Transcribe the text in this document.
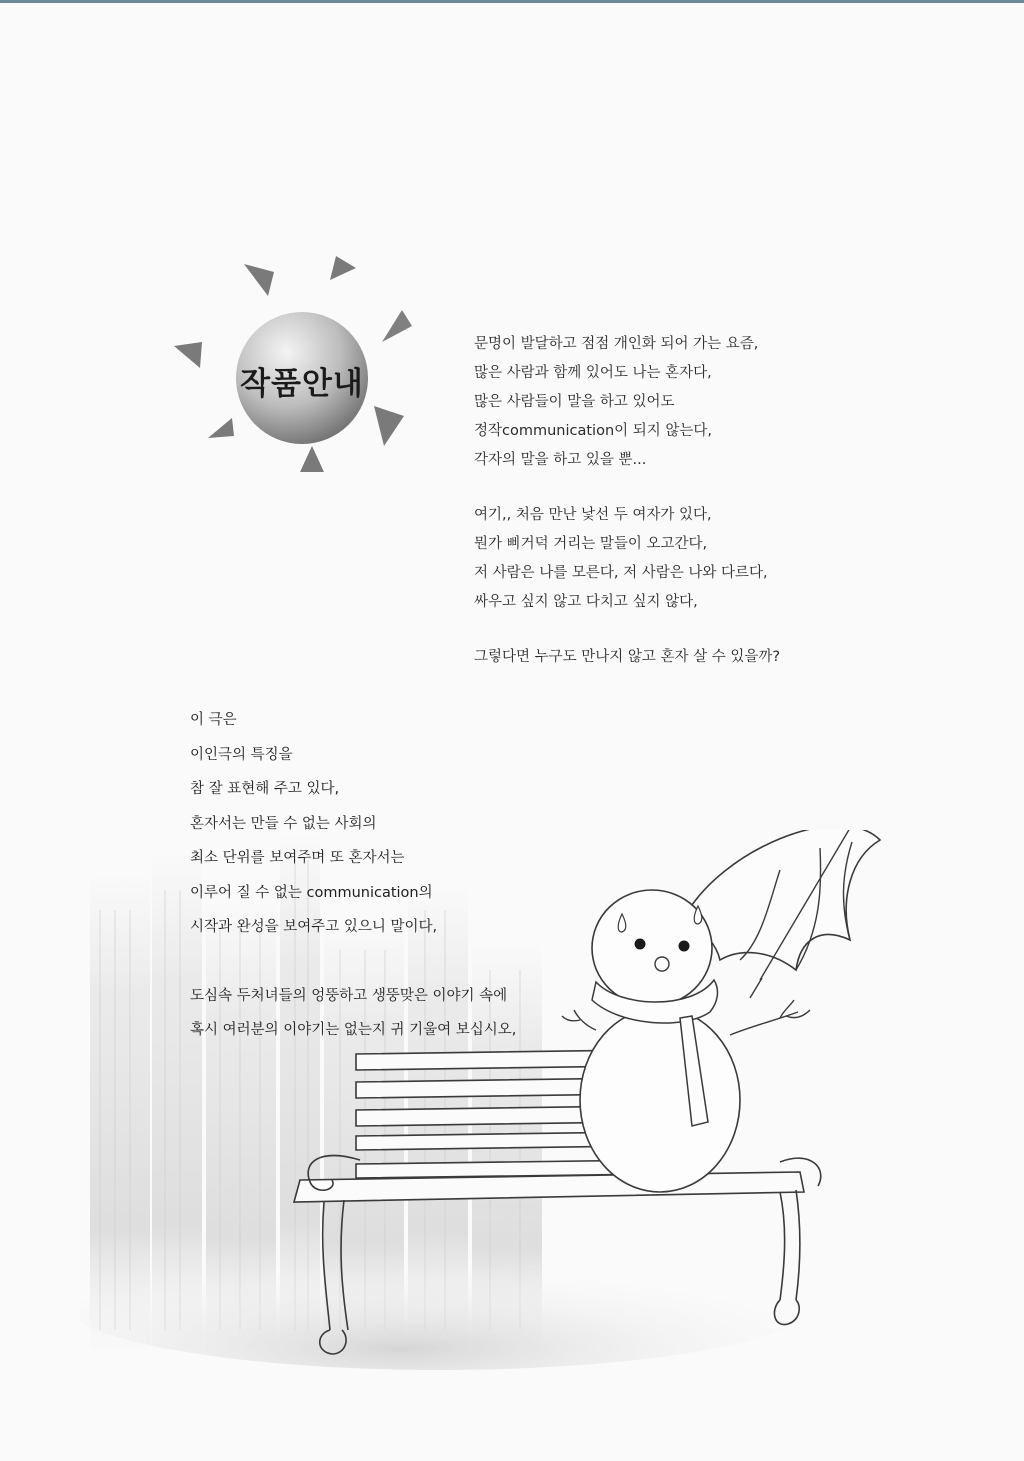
작품안내
문명이 발달하고 점점 개인화 되어 가는 요즘,
많은 사람과 함께 있어도 나는 혼자다,
많은 사람들이 말을 하고 있어도
정작communication이 되지 않는다,
각자의 말을 하고 있을 뿐...
여기,, 처음 만난 낯선 두 여자가 있다,
뭔가 삐거덕 거리는 말들이 오고간다,
저 사람은 나를 모른다, 저 사람은 나와 다르다,
싸우고 싶지 않고 다치고 싶지 않다,
그렇다면 누구도 만나지 않고 혼자 살 수 있을까?
이 극은
이인극의 특징을
참 잘 표현해 주고 있다,
혼자서는 만들 수 없는 사회의
최소 단위를 보여주며 또 혼자서는
이루어 질 수 없는 communication의
시작과 완성을 보여주고 있으니 말이다,
도심속 두처녀들의 엉뚱하고 생뚱맞은 이야기 속에
혹시 여러분의 이야기는 없는지 귀 기울여 보십시오,
